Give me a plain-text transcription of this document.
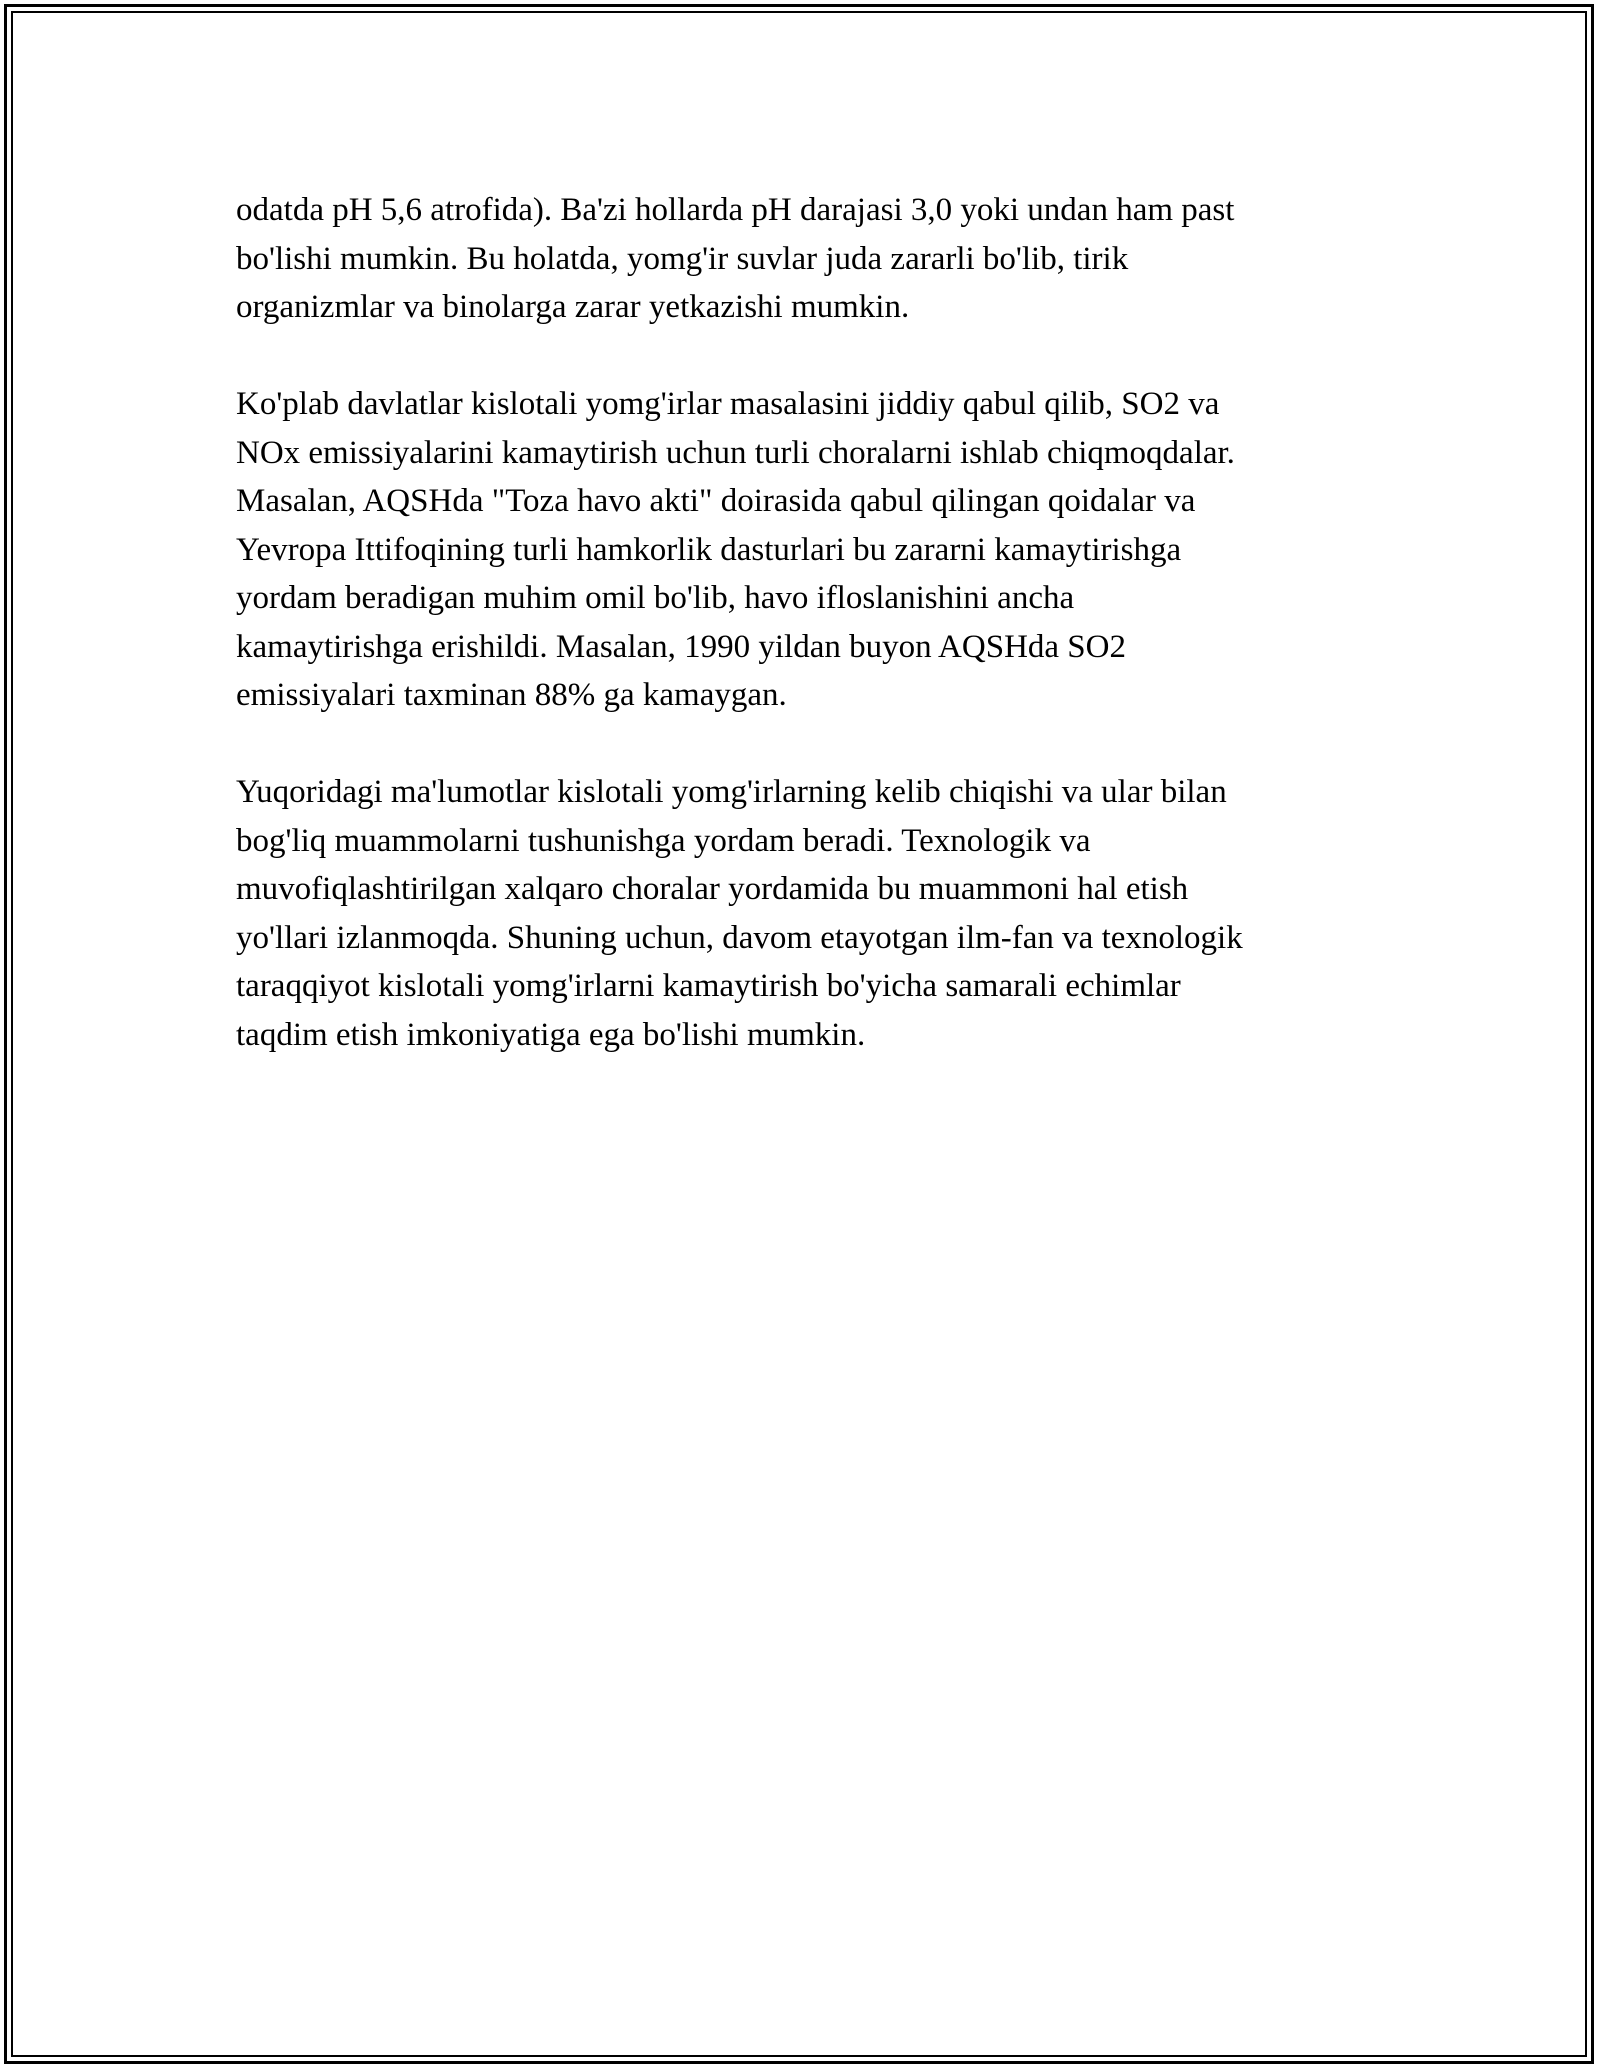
odatda pH 5,6 atrofida). Ba'zi hollarda pH darajasi 3,0 yoki undan ham past
bo'lishi mumkin. Bu holatda, yomg'ir suvlar juda zararli bo'lib, tirik
organizmlar va binolarga zarar yetkazishi mumkin.

Ko'plab davlatlar kislotali yomg'irlar masalasini jiddiy qabul qilib, SO2 va
NOx emissiyalarini kamaytirish uchun turli choralarni ishlab chiqmoqdalar.
Masalan, AQSHda "Toza havo akti" doirasida qabul qilingan qoidalar va
Yevropa Ittifoqining turli hamkorlik dasturlari bu zararni kamaytirishga
yordam beradigan muhim omil bo'lib, havo ifloslanishini ancha
kamaytirishga erishildi. Masalan, 1990 yildan buyon AQSHda SO2
emissiyalari taxminan 88% ga kamaygan.

Yuqoridagi ma'lumotlar kislotali yomg'irlarning kelib chiqishi va ular bilan
bog'liq muammolarni tushunishga yordam beradi. Texnologik va
muvofiqlashtirilgan xalqaro choralar yordamida bu muammoni hal etish
yo'llari izlanmoqda. Shuning uchun, davom etayotgan ilm-fan va texnologik
taraqqiyot kislotali yomg'irlarni kamaytirish bo'yicha samarali echimlar
taqdim etish imkoniyatiga ega bo'lishi mumkin.
